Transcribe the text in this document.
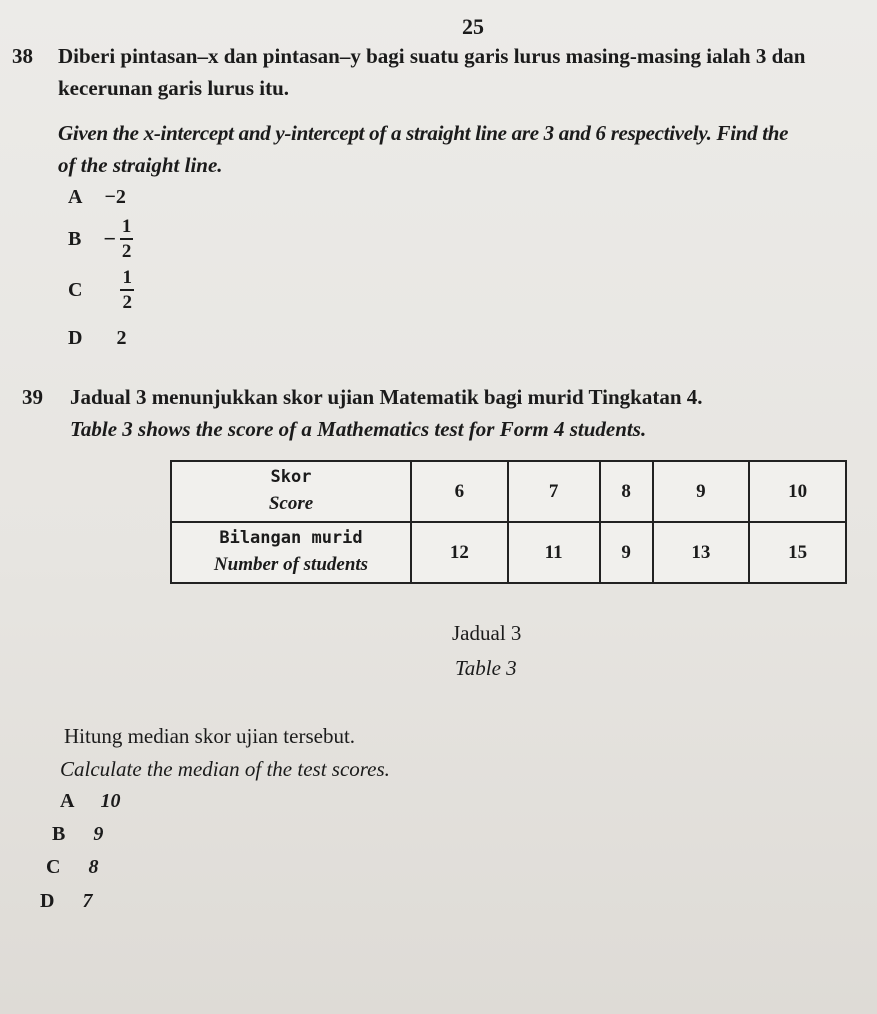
25
38 Diberi pintasan–x dan pintasan–y bagi suatu garis lurus masing-masing ialah 3 dan
kecerunan garis lurus itu.
Given the x-intercept and y-intercept of a straight line are 3 and 6 respectively. Find the
of the straight line.
A −2
$B - \frac{1}{2}$
C $\frac{1}{2}$
D 2
39 Jadual 3 menunjukkan skor ujian Matematik bagi murid Tingkatan 4.
Table 3 shows the score of a Mathematics test for Form 4 students.
Skor
Score	6	7	8	9	10

Bilangan murid
Number of students	12	11	9	13	15
Jadual 3
Table 3
Hitung median skor ujian tersebut.
Calculate the median of the test scores.
A 10
B 9
C 8
D 7
